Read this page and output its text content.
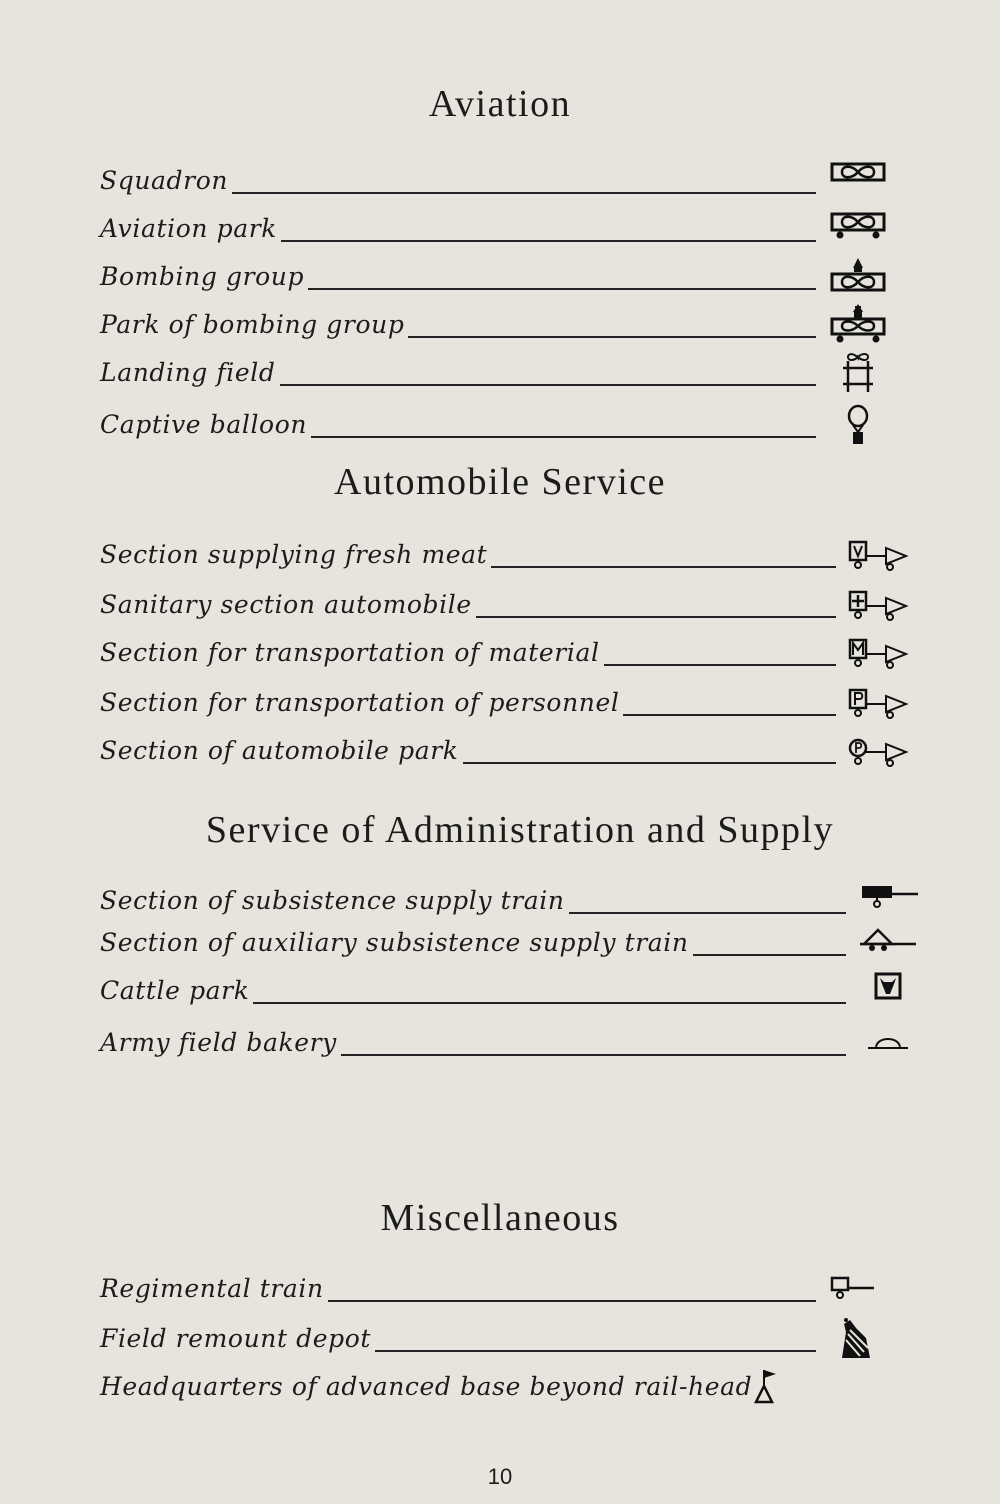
Aviation
Squadron
Aviation park
Bombing group
Park of bombing group
Landing field
Captive balloon
Automobile Service
Section supplying fresh meat
Sanitary section automobile
Section for transportation of material
Section for transportation of personnel
Section of automobile park
Service of Administration and Supply
Section of subsistence supply train
Section of auxiliary subsistence supply train
Cattle park
Army field bakery
Miscellaneous
Regimental train
Field remount depot
Headquarters of advanced base beyond rail-head
10
